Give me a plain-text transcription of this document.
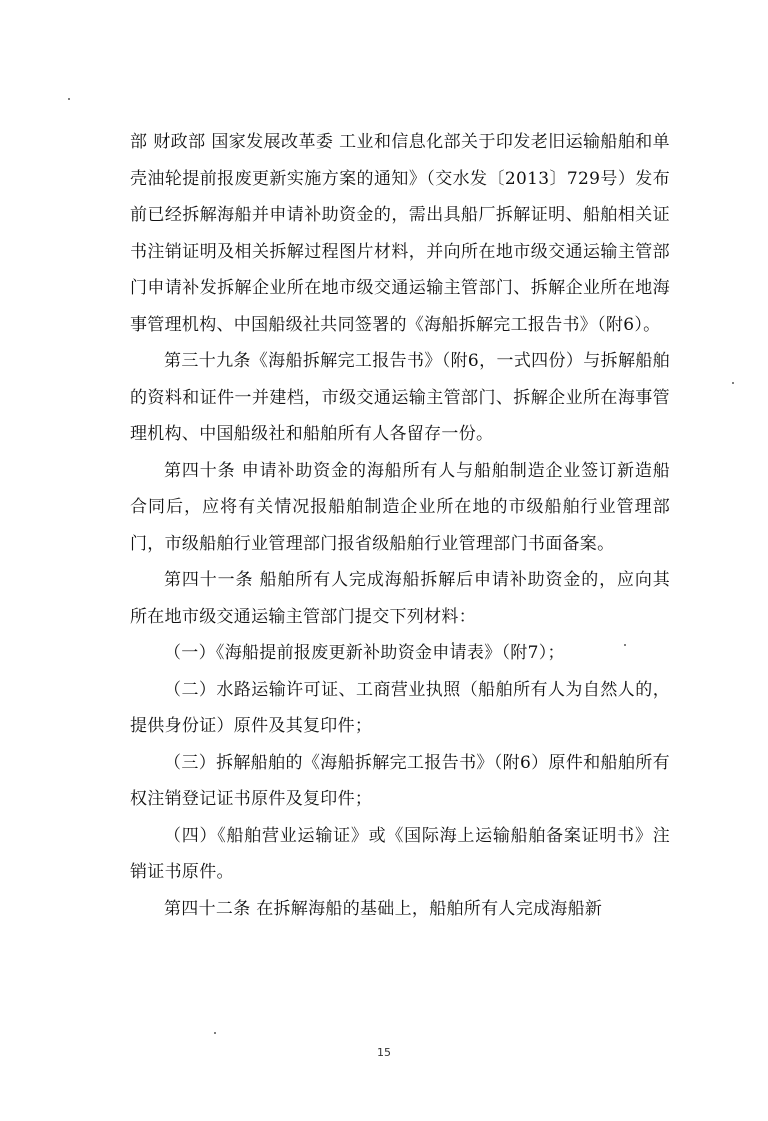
部 财政部 国家发展改革委 工业和信息化部关于印发老旧运输船舶和单壳油轮提前报废更新实施方案的通知》（交水发〔2013〕729号）发布前已经拆解海船并申请补助资金的，需出具船厂拆解证明、船舶相关证书注销证明及相关拆解过程图片材料，并向所在地市级交通运输主管部门申请补发拆解企业所在地市级交通运输主管部门、拆解企业所在地海事管理机构、中国船级社共同签署的《海船拆解完工报告书》（附6）。

第三十九条《海船拆解完工报告书》（附6，一式四份）与拆解船舶的资料和证件一并建档，市级交通运输主管部门、拆解企业所在海事管理机构、中国船级社和船舶所有人各留存一份。

第四十条 申请补助资金的海船所有人与船舶制造企业签订新造船合同后，应将有关情况报船舶制造企业所在地的市级船舶行业管理部门，市级船舶行业管理部门报省级船舶行业管理部门书面备案。

第四十一条 船舶所有人完成海船拆解后申请补助资金的，应向其所在地市级交通运输主管部门提交下列材料：

（一）《海船提前报废更新补助资金申请表》（附7）；

（二）水路运输许可证、工商营业执照（船舶所有人为自然人的，提供身份证）原件及其复印件；

（三）拆解船舶的《海船拆解完工报告书》（附6）原件和船舶所有权注销登记证书原件及复印件；

（四）《船舶营业运输证》或《国际海上运输船舶备案证明书》注销证书原件。

第四十二条 在拆解海船的基础上，船舶所有人完成海船新

15
